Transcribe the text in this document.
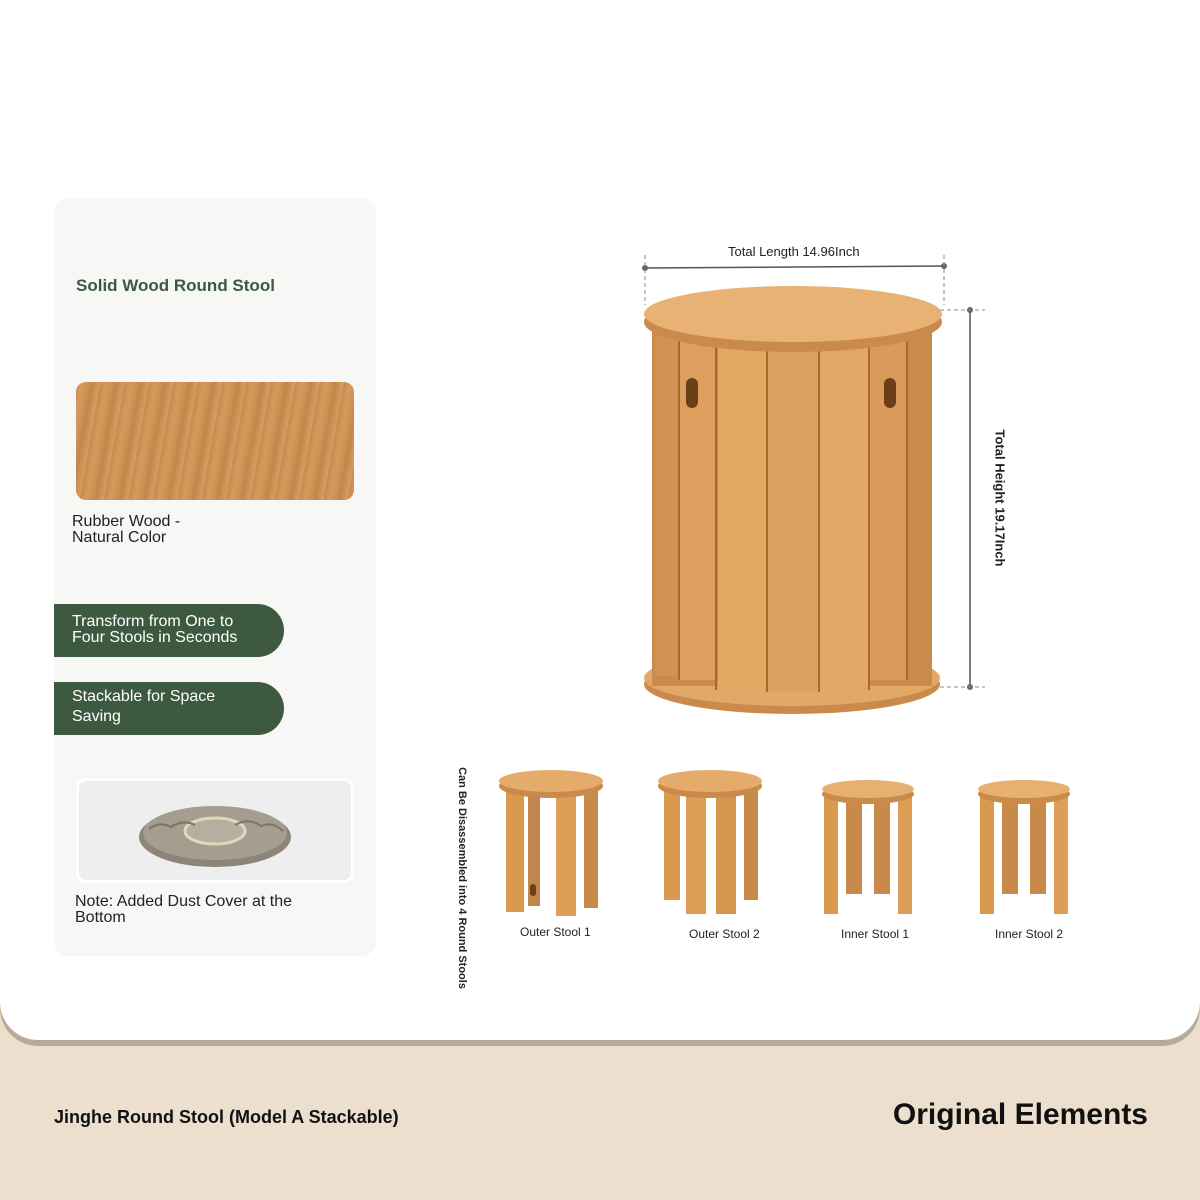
Solid Wood Round Stool
Rubber Wood - Natural Color
Transform from One to Four Stools in Seconds
Stackable for Space Saving
Note: Added Dust Cover at the Bottom
Total Length 14.96Inch
Total Height 19.17Inch
Can Be Disassembled into 4 Round Stools	Outer Stool 1	Outer Stool 2	Inner Stool 1	Inner Stool 2
Jinghe Round Stool (Model A Stackable)	Original Elements
